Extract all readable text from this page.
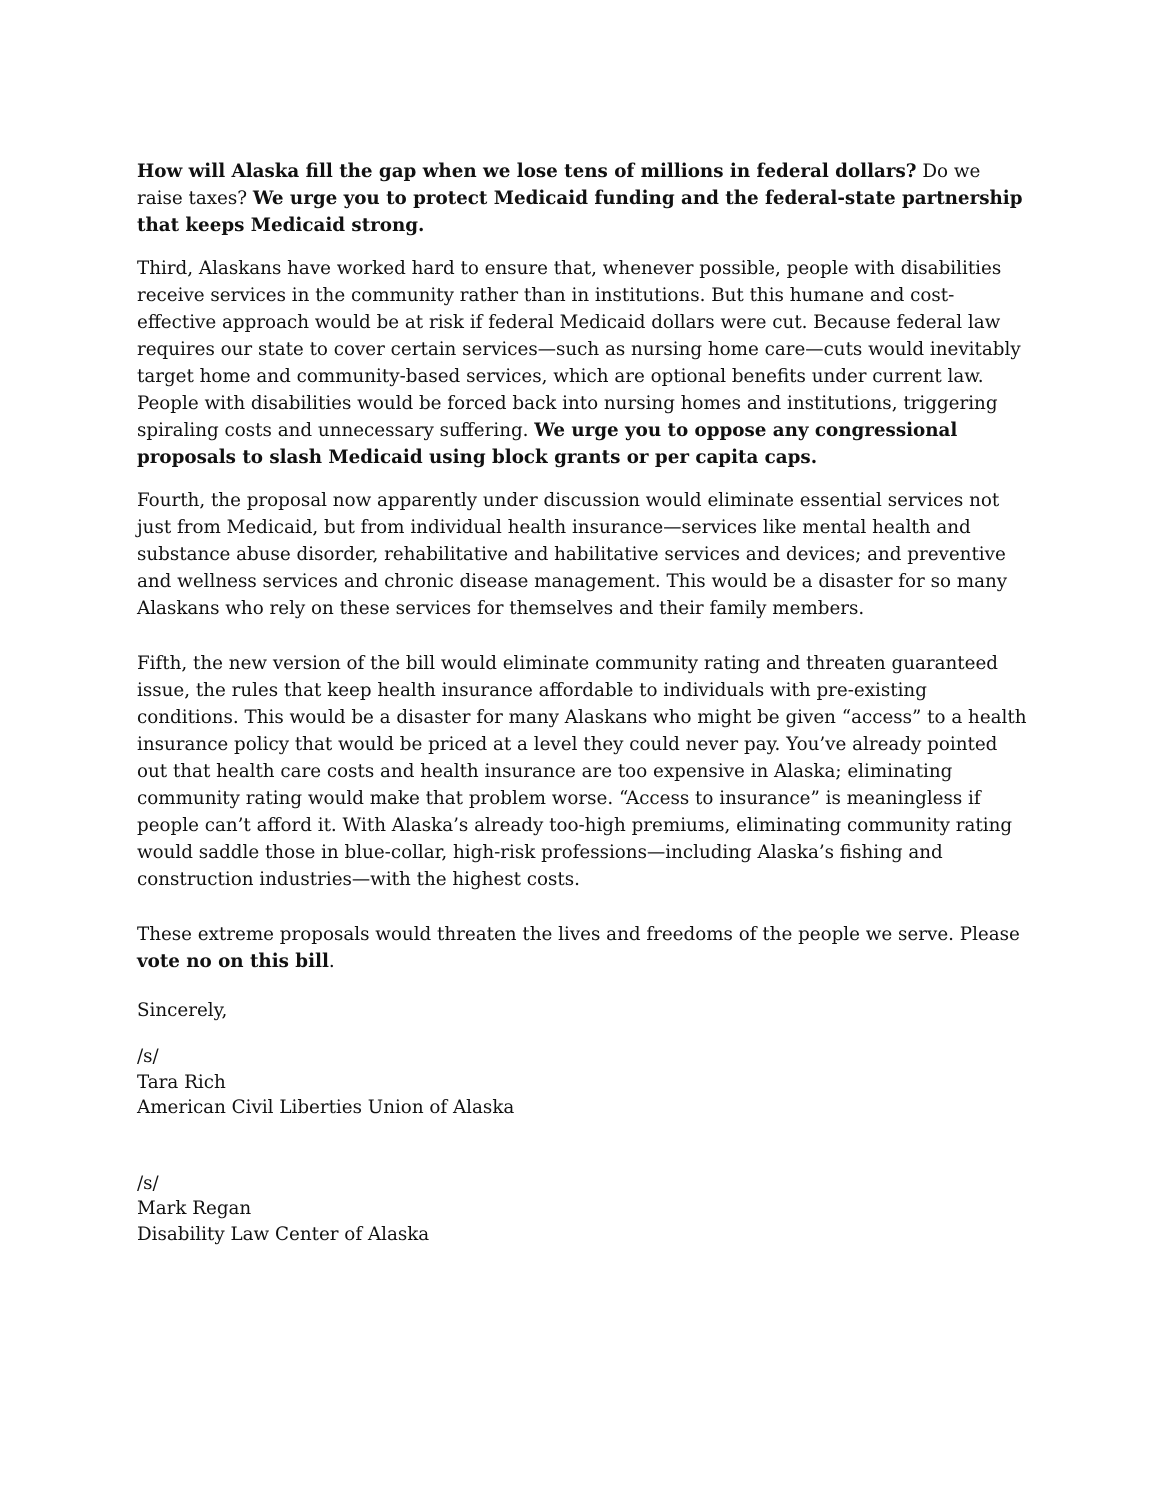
How will Alaska fill the gap when we lose tens of millions in federal dollars? Do we raise taxes? We urge you to protect Medicaid funding and the federal-state partnership that keeps Medicaid strong.

Third, Alaskans have worked hard to ensure that, whenever possible, people with disabilities receive services in the community rather than in institutions. But this humane and cost-effective approach would be at risk if federal Medicaid dollars were cut. Because federal law requires our state to cover certain services—such as nursing home care—cuts would inevitably target home and community-based services, which are optional benefits under current law. People with disabilities would be forced back into nursing homes and institutions, triggering spiraling costs and unnecessary suffering. We urge you to oppose any congressional proposals to slash Medicaid using block grants or per capita caps.

Fourth, the proposal now apparently under discussion would eliminate essential services not just from Medicaid, but from individual health insurance—services like mental health and substance abuse disorder, rehabilitative and habilitative services and devices; and preventive and wellness services and chronic disease management. This would be a disaster for so many Alaskans who rely on these services for themselves and their family members.

Fifth, the new version of the bill would eliminate community rating and threaten guaranteed issue, the rules that keep health insurance affordable to individuals with pre-existing conditions. This would be a disaster for many Alaskans who might be given “access” to a health insurance policy that would be priced at a level they could never pay. You’ve already pointed out that health care costs and health insurance are too expensive in Alaska; eliminating community rating would make that problem worse. “Access to insurance” is meaningless if people can’t afford it. With Alaska’s already too-high premiums, eliminating community rating would saddle those in blue-collar, high-risk professions—including Alaska’s fishing and construction industries—with the highest costs.

These extreme proposals would threaten the lives and freedoms of the people we serve. Please vote no on this bill.

Sincerely,

/s/
Tara Rich
American Civil Liberties Union of Alaska
/s/
Mark Regan
Disability Law Center of Alaska
